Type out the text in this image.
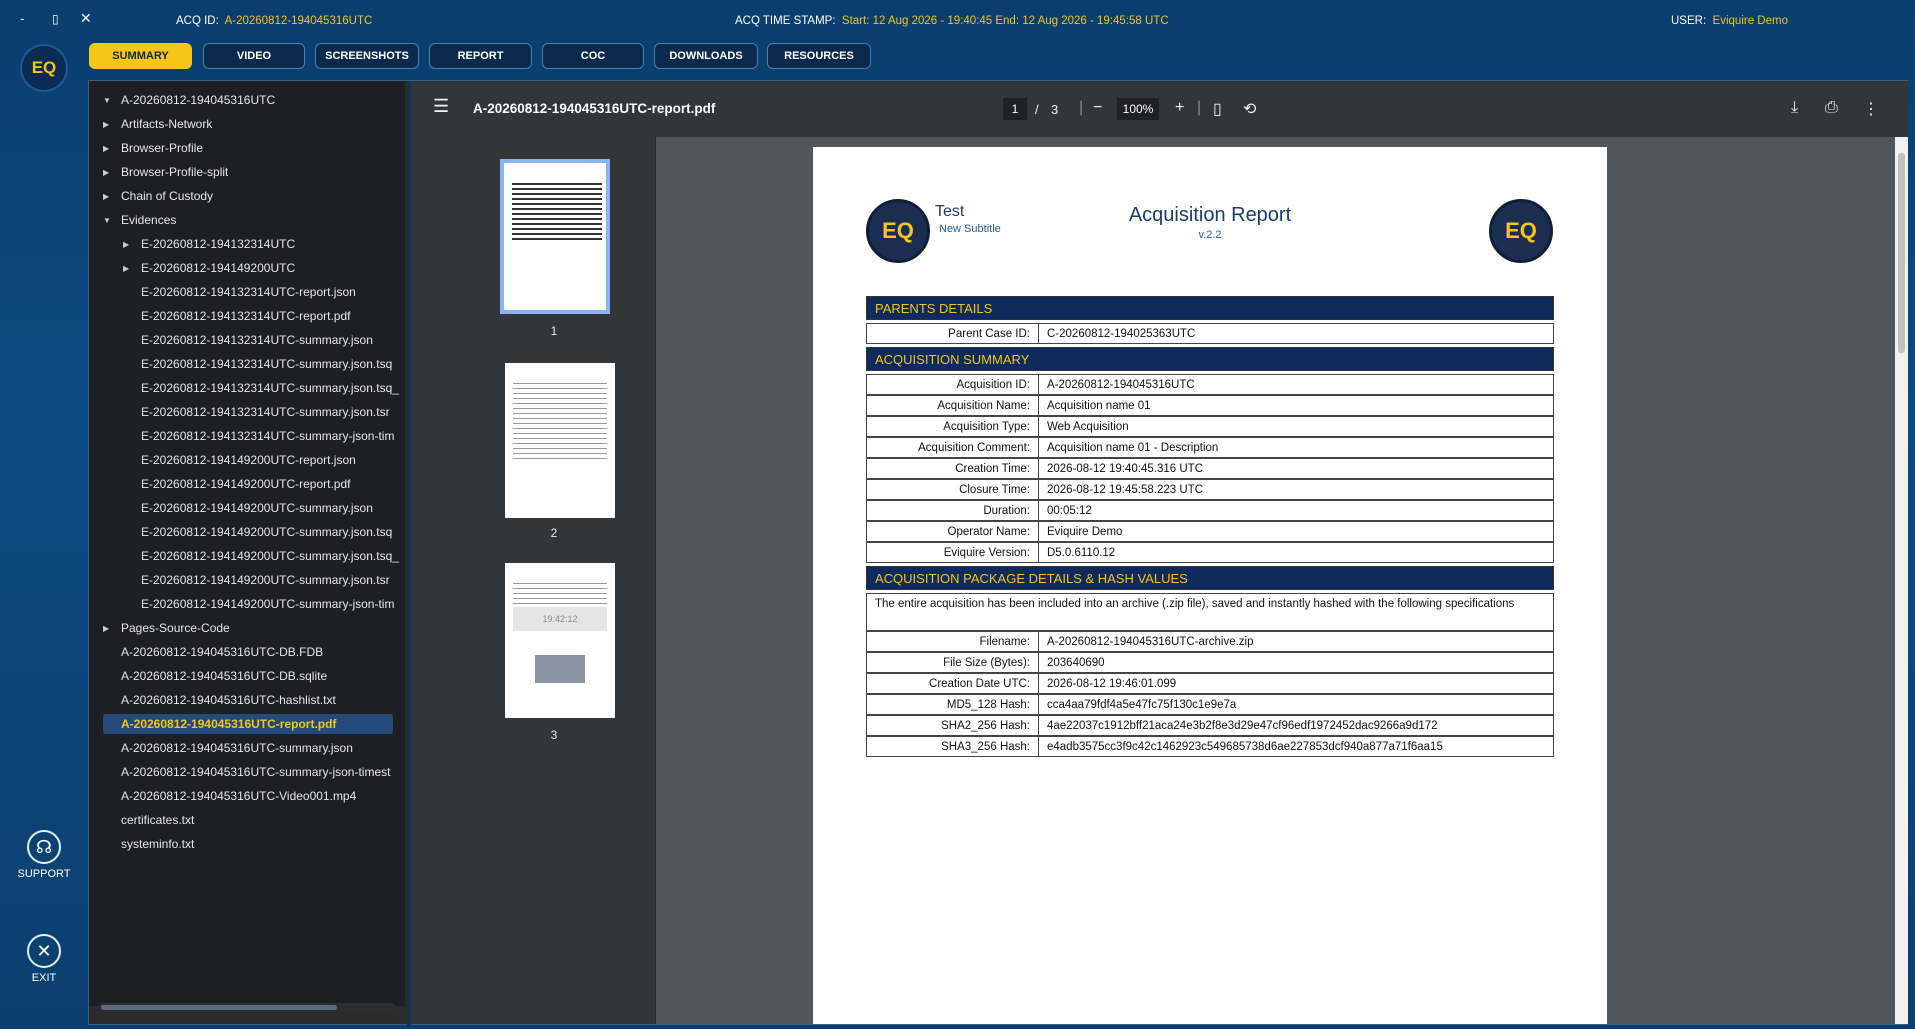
- ▯ ✕	ACQ ID: A-20260812-194045316UTC	ACQ TIME STAMP: Start: 12 Aug 2026 - 19:40:45 End: 12 Aug 2026 - 19:45:58 UTC	USER: Eviquire Demo
EQ
☊
SUPPORT
✕
EXIT
SUMMARY	VIDEO	SCREENSHOTS	REPORT	COC	DOWNLOADS	RESOURCES
▼ A-20260812-194045316UTC
▶ Artifacts-Network
▶ Browser-Profile
▶ Browser-Profile-split
▶ Chain of Custody
▼ Evidences
▶ E-20260812-194132314UTC
▶ E-20260812-194149200UTC
E-20260812-194132314UTC-report.json
E-20260812-194132314UTC-report.pdf
E-20260812-194132314UTC-summary.json
E-20260812-194132314UTC-summary.json.tsq
E-20260812-194132314UTC-summary.json.tsq_
E-20260812-194132314UTC-summary.json.tsr
E-20260812-194132314UTC-summary-json-tim
E-20260812-194149200UTC-report.json
E-20260812-194149200UTC-report.pdf
E-20260812-194149200UTC-summary.json
E-20260812-194149200UTC-summary.json.tsq
E-20260812-194149200UTC-summary.json.tsq_
E-20260812-194149200UTC-summary.json.tsr
E-20260812-194149200UTC-summary-json-tim
▶ Pages-Source-Code
A-20260812-194045316UTC-DB.FDB
A-20260812-194045316UTC-DB.sqlite
A-20260812-194045316UTC-hashlist.txt
A-20260812-194045316UTC-report.pdf
A-20260812-194045316UTC-summary.json
A-20260812-194045316UTC-summary-json-timest
A-20260812-194045316UTC-Video001.mp4
certificates.txt
systeminfo.txt
☰ A-20260812-194045316UTC-report.pdf	1	/ 3 | −	100%	+ | ▯ ⟲	⤓ ⎙ ⋮
1
2
19:42:12
3
EQ
Test
New Subtitle
Acquisition Report
v.2.2	EQ
PARENTS DETAILS
Parent Case ID:	C-20260812-194025363UTC
ACQUISITION SUMMARY
Acquisition ID:	A-20260812-194045316UTC
Acquisition Name:	Acquisition name 01
Acquisition Type:	Web Acquisition
Acquisition Comment:	Acquisition name 01 - Description
Creation Time:	2026-08-12 19:40:45.316 UTC
Closure Time:	2026-08-12 19:45:58.223 UTC
Duration:	00:05:12
Operator Name:	Eviquire Demo
Eviquire Version:	D5.0.6110.12
ACQUISITION PACKAGE DETAILS & HASH VALUES
The entire acquisition has been included into an archive (.zip file), saved and instantly hashed with the following specifications
Filename:	A-20260812-194045316UTC-archive.zip
File Size (Bytes):	203640690
Creation Date UTC:	2026-08-12 19:46:01.099
MD5_128 Hash:	cca4aa79fdf4a5e47fc75f130c1e9e7a
SHA2_256 Hash:	4ae22037c1912bff21aca24e3b2f8e3d29e47cf96edf1972452dac9266a9d172
SHA3_256 Hash:	e4adb3575cc3f9c42c1462923c549685738d6ae227853dcf940a877a71f6aa15
